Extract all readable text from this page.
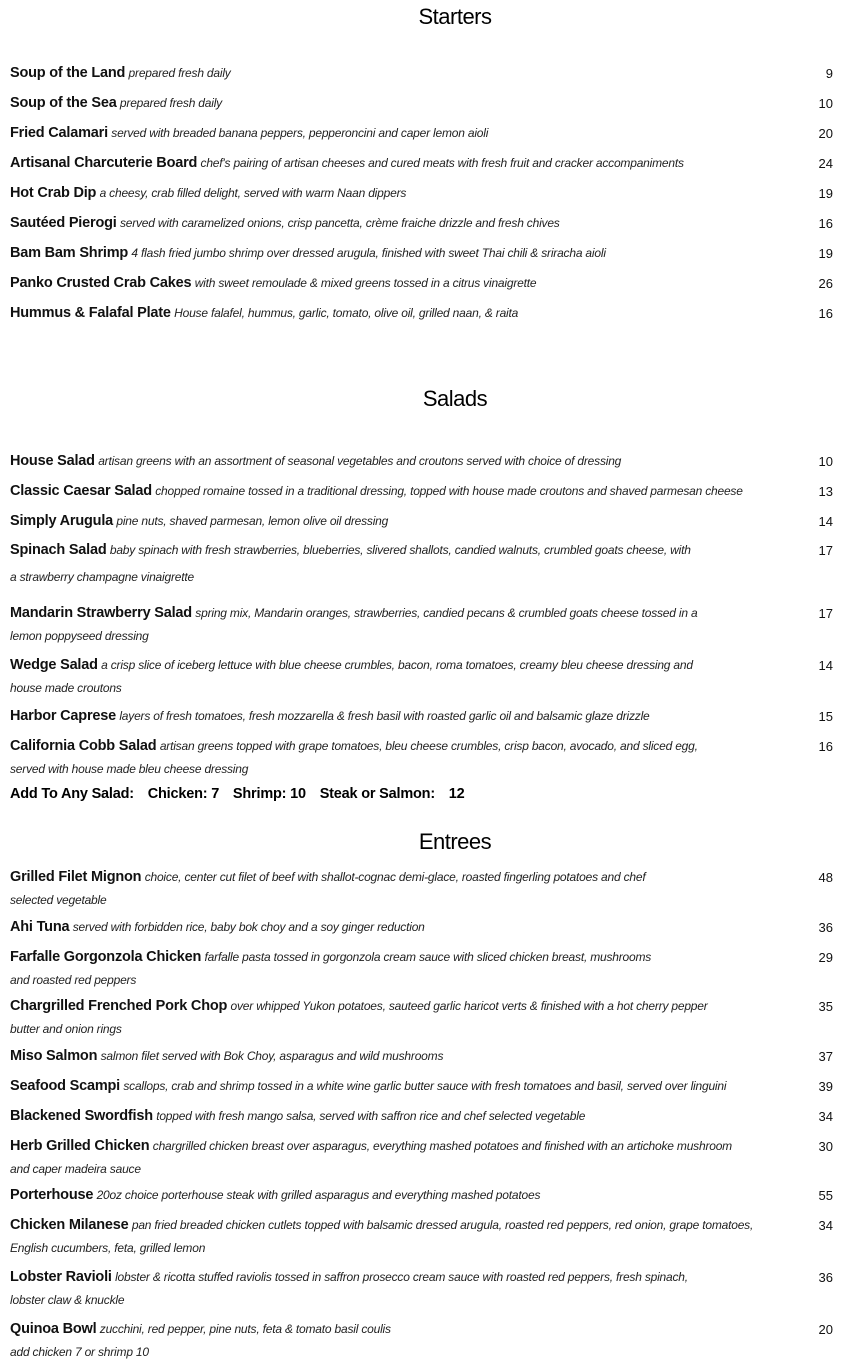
Starters
Salads
Entrees
Soup of the Land prepared fresh daily	9
Soup of the Sea prepared fresh daily	10
Fried Calamari served with breaded banana peppers, pepperoncini and caper lemon aioli	20
Artisanal Charcuterie Board chef's pairing of artisan cheeses and cured meats with fresh fruit and cracker accompaniments	24
Hot Crab Dip a cheesy, crab filled delight, served with warm Naan dippers	19
Sautéed Pierogi served with caramelized onions, crisp pancetta, crème fraiche drizzle and fresh chives	16
Bam Bam Shrimp 4 flash fried jumbo shrimp over dressed arugula, finished with sweet Thai chili & sriracha aioli	19
Panko Crusted Crab Cakes with sweet remoulade & mixed greens tossed in a citrus vinaigrette	26
Hummus & Falafal Plate House falafel, hummus, garlic, tomato, olive oil, grilled naan, & raita	16
House Salad artisan greens with an assortment of seasonal vegetables and croutons served with choice of dressing	10
Classic Caesar Salad chopped romaine tossed in a traditional dressing, topped with house made croutons and shaved parmesan cheese	13
Simply Arugula pine nuts, shaved parmesan, lemon olive oil dressing	14
Spinach Salad baby spinach with fresh strawberries, blueberries, slivered shallots, candied walnuts, crumbled goats cheese, with
a strawberry champagne vinaigrette
17
Mandarin Strawberry Salad spring mix, Mandarin oranges, strawberries, candied pecans & crumbled goats cheese tossed in a
lemon poppyseed dressing
17
Wedge Salad a crisp slice of iceberg lettuce with blue cheese crumbles, bacon, roma tomatoes, creamy bleu cheese dressing and
house made croutons
14
Harbor Caprese layers of fresh tomatoes, fresh mozzarella & fresh basil with roasted garlic oil and balsamic glaze drizzle	15
California Cobb Salad artisan greens topped with grape tomatoes, bleu cheese crumbles, crisp bacon, avocado, and sliced egg,
served with house made bleu cheese dressing
16
Add To Any Salad: Chicken: 7 Shrimp: 10 Steak or Salmon: 12
Grilled Filet Mignon choice, center cut filet of beef with shallot-cognac demi-glace, roasted fingerling potatoes and chef
selected vegetable
48
Ahi Tuna served with forbidden rice, baby bok choy and a soy ginger reduction	36
Farfalle Gorgonzola Chicken farfalle pasta tossed in gorgonzola cream sauce with sliced chicken breast, mushrooms
and roasted red peppers
29
Chargrilled Frenched Pork Chop over whipped Yukon potatoes, sauteed garlic haricot verts & finished with a hot cherry pepper
butter and onion rings
35
Miso Salmon salmon filet served with Bok Choy, asparagus and wild mushrooms	37
Seafood Scampi scallops, crab and shrimp tossed in a white wine garlic butter sauce with fresh tomatoes and basil, served over linguini	39
Blackened Swordfish topped with fresh mango salsa, served with saffron rice and chef selected vegetable	34
Herb Grilled Chicken chargrilled chicken breast over asparagus, everything mashed potatoes and finished with an artichoke mushroom
and caper madeira sauce
30
Porterhouse 20oz choice porterhouse steak with grilled asparagus and everything mashed potatoes	55
Chicken Milanese pan fried breaded chicken cutlets topped with balsamic dressed arugula, roasted red peppers, red onion, grape tomatoes,
English cucumbers, feta, grilled lemon
34
Lobster Ravioli lobster & ricotta stuffed raviolis tossed in saffron prosecco cream sauce with roasted red peppers, fresh spinach,
lobster claw & knuckle
36
Quinoa Bowl zucchini, red pepper, pine nuts, feta & tomato basil coulis
add chicken 7 or shrimp 10
20
